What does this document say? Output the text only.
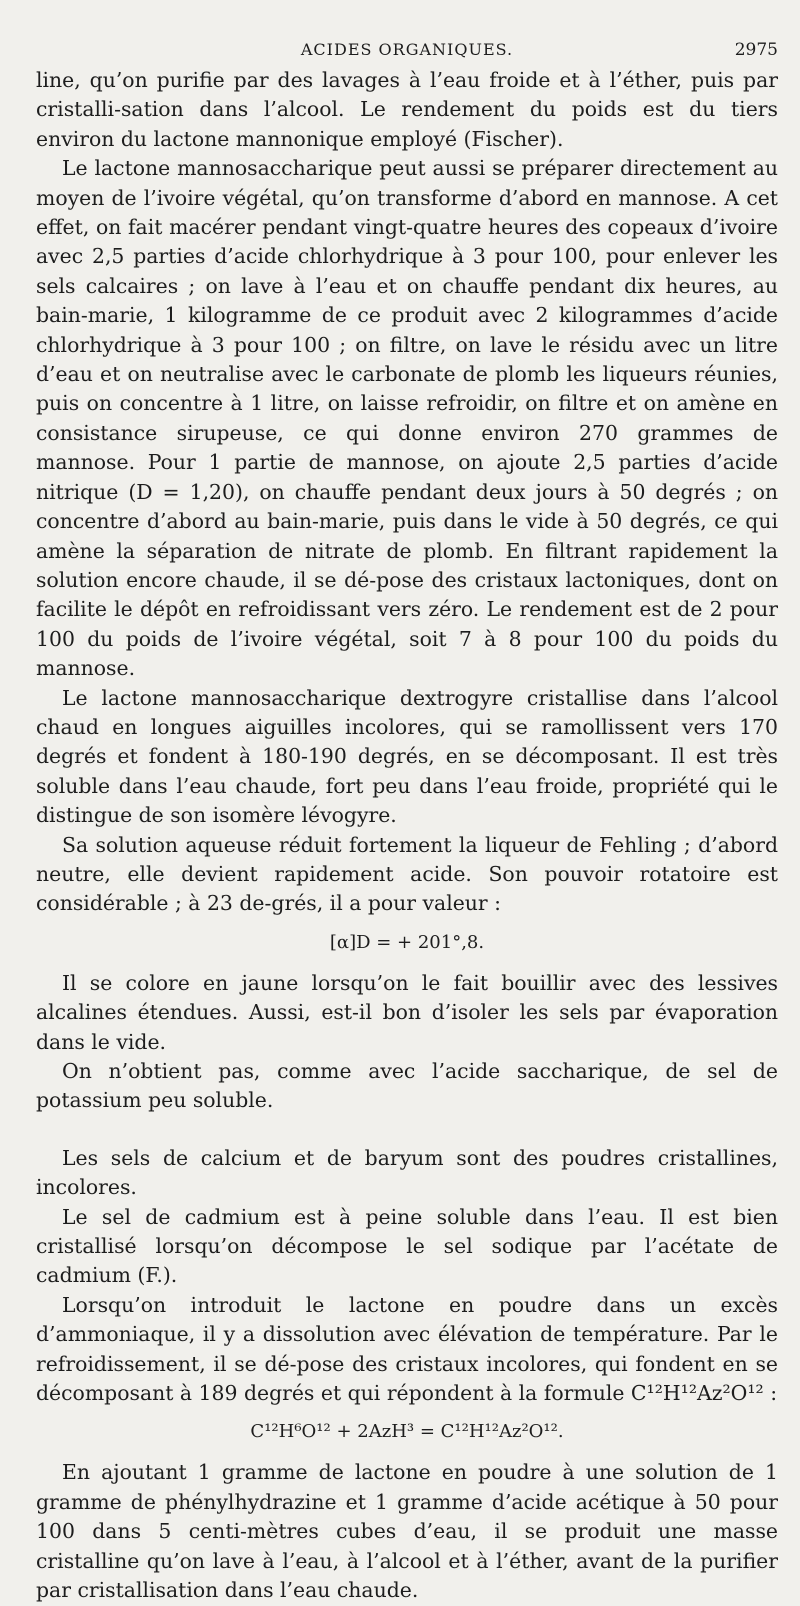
ACIDES ORGANIQUES.	2975

line, qu’on purifie par des lavages à l’eau froide et à l’éther, puis par cristalli-sation dans l’alcool. Le rendement du poids est du tiers environ du lactone mannonique employé (Fischer).

Le lactone mannosaccharique peut aussi se préparer directement au moyen de l’ivoire végétal, qu’on transforme d’abord en mannose. A cet effet, on fait macérer pendant vingt-quatre heures des copeaux d’ivoire avec 2,5 parties d’acide chlorhydrique à 3 pour 100, pour enlever les sels calcaires ; on lave à l’eau et on chauffe pendant dix heures, au bain-marie, 1 kilogramme de ce produit avec 2 kilogrammes d’acide chlorhydrique à 3 pour 100 ; on filtre, on lave le résidu avec un litre d’eau et on neutralise avec le carbonate de plomb les liqueurs réunies, puis on concentre à 1 litre, on laisse refroidir, on filtre et on amène en consistance sirupeuse, ce qui donne environ 270 grammes de mannose. Pour 1 partie de mannose, on ajoute 2,5 parties d’acide nitrique (D = 1,20), on chauffe pendant deux jours à 50 degrés ; on concentre d’abord au bain-marie, puis dans le vide à 50 degrés, ce qui amène la séparation de nitrate de plomb. En filtrant rapidement la solution encore chaude, il se dé-pose des cristaux lactoniques, dont on facilite le dépôt en refroidissant vers zéro. Le rendement est de 2 pour 100 du poids de l’ivoire végétal, soit 7 à 8 pour 100 du poids du mannose.

Le lactone mannosaccharique dextrogyre cristallise dans l’alcool chaud en longues aiguilles incolores, qui se ramollissent vers 170 degrés et fondent à 180-190 degrés, en se décomposant. Il est très soluble dans l’eau chaude, fort peu dans l’eau froide, propriété qui le distingue de son isomère lévogyre.

Sa solution aqueuse réduit fortement la liqueur de Fehling ; d’abord neutre, elle devient rapidement acide. Son pouvoir rotatoire est considérable ; à 23 de-grés, il a pour valeur :

[α]D = + 201°,8.

Il se colore en jaune lorsqu’on le fait bouillir avec des lessives alcalines étendues. Aussi, est-il bon d’isoler les sels par évaporation dans le vide.

On n’obtient pas, comme avec l’acide saccharique, de sel de potassium peu soluble.

Les sels de calcium et de baryum sont des poudres cristallines, incolores.

Le sel de cadmium est à peine soluble dans l’eau. Il est bien cristallisé lorsqu’on décompose le sel sodique par l’acétate de cadmium (F.).

Lorsqu’on introduit le lactone en poudre dans un excès d’ammoniaque, il y a dissolution avec élévation de température. Par le refroidissement, il se dé-pose des cristaux incolores, qui fondent en se décomposant à 189 degrés et qui répondent à la formule C¹²H¹²Az²O¹² :

C¹²H⁶O¹² + 2AzH³ = C¹²H¹²Az²O¹².

En ajoutant 1 gramme de lactone en poudre à une solution de 1 gramme de phénylhydrazine et 1 gramme d’acide acétique à 50 pour 100 dans 5 centi-mètres cubes d’eau, il se produit une masse cristalline qu’on lave à l’eau, à l’alcool et à l’éther, avant de la purifier par cristallisation dans l’eau chaude.
